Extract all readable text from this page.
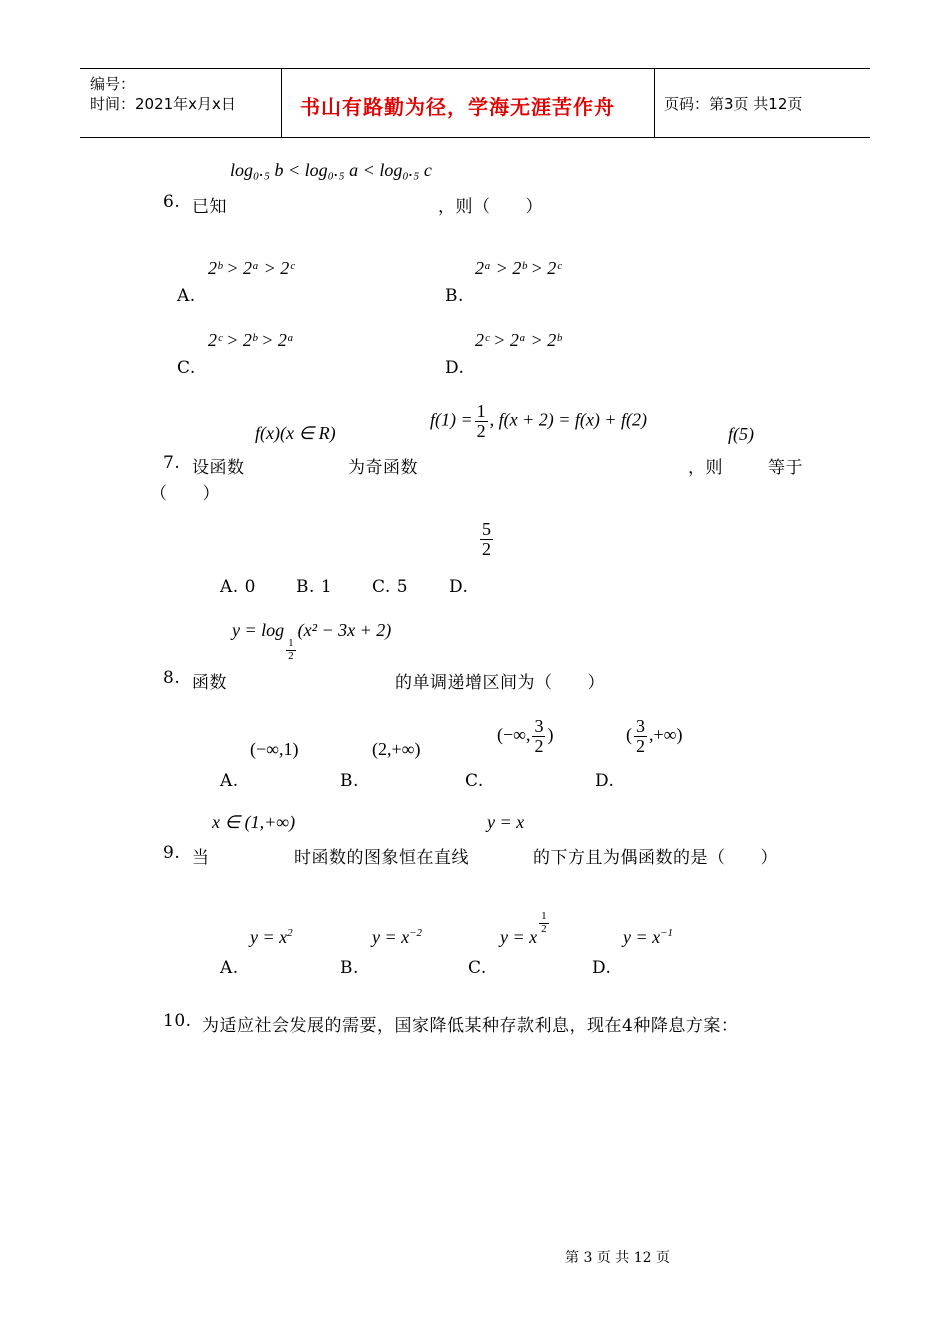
编号：
时间：2021年x月x日	书山有路勤为径，学海无涯苦作舟	页码：第3页 共12页
log₀.₅ b < log₀.₅ a < log₀.₅ c
6. 已知	，则（　　）
2ᵇ > 2ᵃ > 2ᶜ
A.
2ᵃ > 2ᵇ > 2ᶜ
B.
2ᶜ > 2ᵇ > 2ᵃ
C.
2ᶜ > 2ᵃ > 2ᵇ
D.
f(x)(x ∈ R)
$f(1) = \frac{1}{2}$ , f(x + 2) = f(x) + f(2)
f(5)
7. 设函数	为奇函数	，则	等于
（　　）
$\frac{5}{2}$
A. 0 B. 1 C. 5 D.
y = log
$\frac{1}{2}$
(x² − 3x + 2)
8. 函数	的单调递增区间为（　　）
(−∞,1)
A.
(2,+∞)
B.
(−∞, $\frac{3}{2}$ )
C.
( $\frac{3}{2}$ ,+∞)
D.
x ∈ (1,+∞)	y = x
9. 当	时函数的图象恒在直线	的下方且为偶函数的是（　　）
$y = x^2$
A.
$y = x^{-2}$
B.
y = x
$\frac{1}{2}$
C.
$y = x^{-1}$
D.
10. 为适应社会发展的需要，国家降低某种存款利息，现在4种降息方案：
第 3 页 共 12 页
